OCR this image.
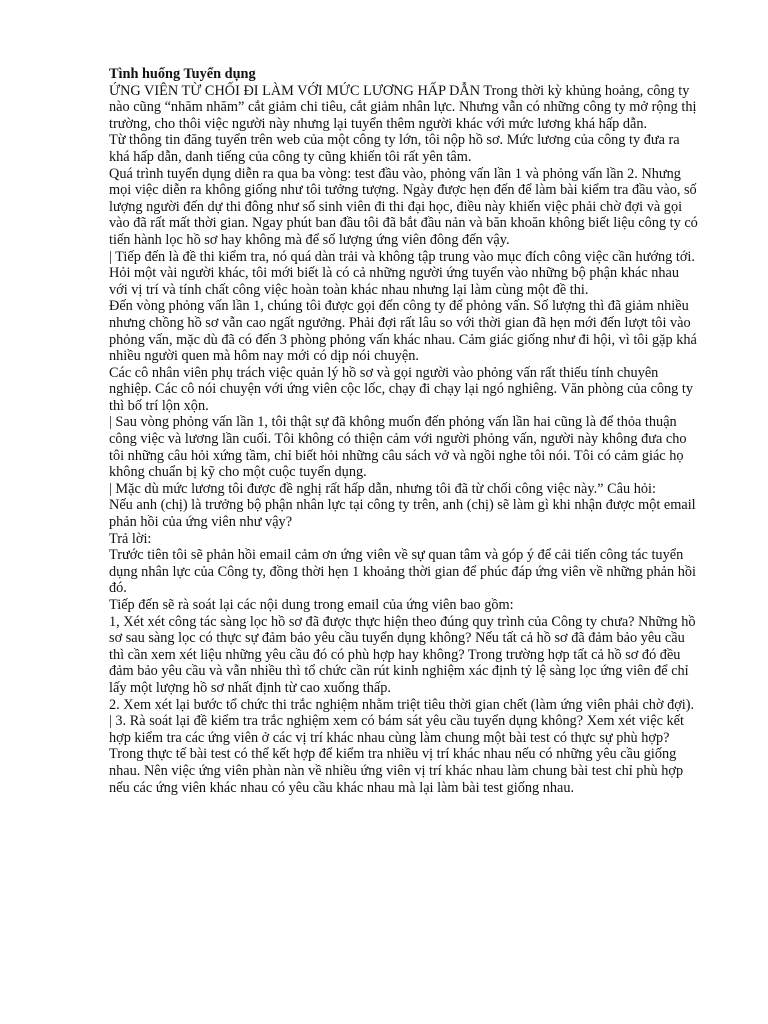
Tình huống Tuyển dụng

ỨNG VIÊN TỪ CHỐI ĐI LÀM VỚI MỨC LƯƠNG HẤP DẪN Trong thời kỳ khủng hoảng, công ty nào cũng “nhăm nhăm” cắt giảm chi tiêu, cắt giảm nhân lực. Nhưng vẫn có những công ty mở rộng thị trường, cho thôi việc người này nhưng lại tuyển thêm người khác với mức lương khá hấp dẫn.

Từ thông tin đăng tuyển trên web của một công ty lớn, tôi nộp hồ sơ. Mức lương của công ty đưa ra khá hấp dẫn, danh tiếng của công ty cũng khiến tôi rất yên tâm.

Quá trình tuyển dụng diễn ra qua ba vòng: test đầu vào, phỏng vấn lần 1 và phỏng vấn lần 2. Nhưng mọi việc diễn ra không giống như tôi tưởng tượng. Ngày được hẹn đến để làm bài kiểm tra đầu vào, số lượng người đến dự thi đông như số sinh viên đi thi đại học, điều này khiến việc phải chờ đợi và gọi vào đã rất mất thời gian. Ngay phút ban đầu tôi đã bắt đầu nản và băn khoăn không biết liệu công ty có tiến hành lọc hồ sơ hay không mà để số lượng ứng viên đông đến vậy.

| Tiếp đến là đề thi kiểm tra, nó quá dàn trải và không tập trung vào mục đích công việc cần hướng tới. Hỏi một vài người khác, tôi mới biết là có cả những người ứng tuyển vào những bộ phận khác nhau với vị trí và tính chất công việc hoàn toàn khác nhau nhưng lại làm cùng một đề thi.

Đến vòng phỏng vấn lần 1, chúng tôi được gọi đến công ty để phỏng vấn. Số lượng thì đã giảm nhiều nhưng chồng hồ sơ vẫn cao ngất ngưởng. Phải đợi rất lâu so với thời gian đã hẹn mới đến lượt tôi vào phỏng vấn, mặc dù đã có đến 3 phòng phỏng vấn khác nhau. Cảm giác giống như đi hội, vì tôi gặp khá nhiều người quen mà hôm nay mới có dịp nói chuyện.

Các cô nhân viên phụ trách việc quản lý hồ sơ và gọi người vào phỏng vấn rất thiếu tính chuyên nghiệp. Các cô nói chuyện với ứng viên cộc lốc, chạy đi chạy lại ngó nghiêng. Văn phòng của công ty thì bố trí lộn xộn.

| Sau vòng phỏng vấn lần 1, tôi thật sự đã không muốn đến phỏng vấn lần hai cũng là để thỏa thuận công việc và lương lần cuối. Tôi không có thiện cảm với người phỏng vấn, người này không đưa cho tôi những câu hỏi xứng tầm, chỉ biết hỏi những câu sách vở và ngồi nghe tôi nói. Tôi có cảm giác họ không chuẩn bị kỹ cho một cuộc tuyển dụng.

| Mặc dù mức lương tôi được đề nghị rất hấp dẫn, nhưng tôi đã từ chối công việc này.” Câu hỏi:

Nếu anh (chị) là trưởng bộ phận nhân lực tại công ty trên, anh (chị) sẽ làm gì khi nhận được một email phản hồi của ứng viên như vậy?

Trả lời:

Trước tiên tôi sẽ phản hồi email cảm ơn ứng viên về sự quan tâm và góp ý để cải tiến công tác tuyển dụng nhân lực của Công ty, đồng thời hẹn 1 khoảng thời gian để phúc đáp ứng viên về những phản hồi đó.

Tiếp đến sẽ rà soát lại các nội dung trong email của ứng viên bao gồm:

1, Xét xét công tác sàng lọc hồ sơ đã được thực hiện theo đúng quy trình của Công ty chưa? Những hồ sơ sau sàng lọc có thực sự đảm bảo yêu cầu tuyển dụng không? Nếu tất cả hồ sơ đã đảm bảo yêu cầu thì cần xem xét liệu những yêu cầu đó có phù hợp hay không? Trong trường hợp tất cả hồ sơ đó đều đảm bảo yêu cầu và vẫn nhiều thì tổ chức cần rút kinh nghiệm xác định tỷ lệ sàng lọc ứng viên để chỉ lấy một lượng hồ sơ nhất định từ cao xuống thấp.

2. Xem xét lại bước tổ chức thi trắc nghiệm nhằm triệt tiêu thời gian chết (làm ứng viên phải chờ đợi).

| 3. Rà soát lại đề kiểm tra trắc nghiệm xem có bám sát yêu cầu tuyển dụng không? Xem xét việc kết hợp kiểm tra các ứng viên ở các vị trí khác nhau cùng làm chung một bài test có thực sự phù hợp? Trong thực tế bài test có thể kết hợp để kiểm tra nhiều vị trí khác nhau nếu có những yêu cầu giống nhau. Nên việc ứng viên phàn nàn về nhiều ứng viên vị trí khác nhau làm chung bài test chỉ phù hợp nếu các ứng viên khác nhau có yêu cầu khác nhau mà lại làm bài test giống nhau.
